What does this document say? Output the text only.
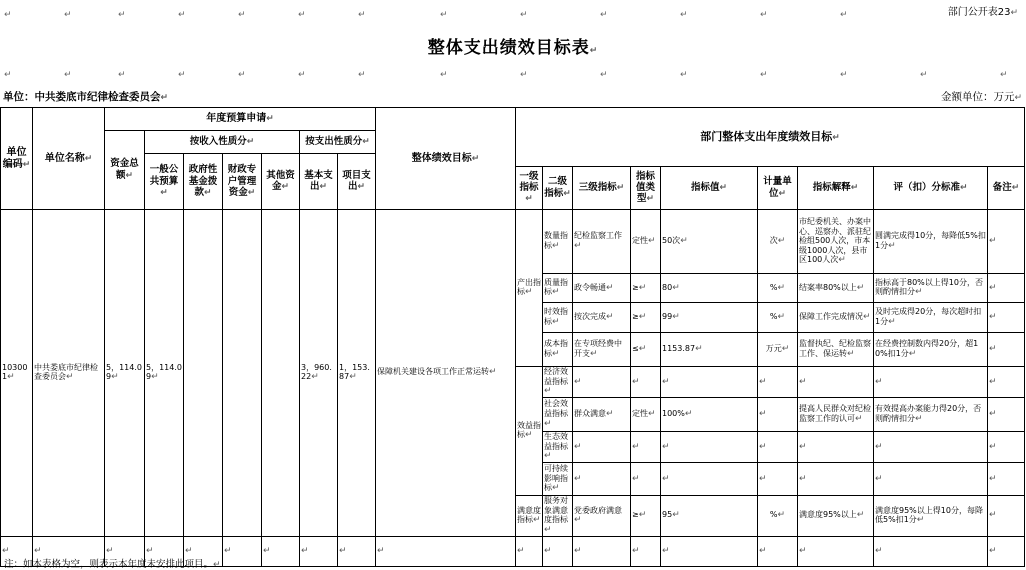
部门公开表23↵
整体支出绩效目标表↵
↵	↵	↵	↵	↵	↵	↵	↵	↵	↵	↵	↵	↵
↵	↵	↵	↵	↵	↵	↵	↵	↵	↵	↵	↵	↵	↵	↵
单位：中共娄底市纪律检查委员会↵	金额单位：万元↵
单位编码↵	单位名称↵	年度预算申请↵							整体绩效目标↵	部门整体支出年度绩效目标↵								
		资金总额↵	按收入性质分↵				按支出性质分↵											
			一般公共预算↵	政府性基金拨款↵	财政专户管理资金↵	其他资金↵	基本支出↵	项目支出↵										
										一级指标↵	二级指标↵	三级指标↵	指标值类型↵	指标值↵	计量单位↵	指标解释↵	评（扣）分标准↵	备注↵
103001↵	中共娄底市纪律检查委员会↵	5，114.09↵	5，114.09↵				3，960.22↵	1，153.87↵	保障机关建设各项工作正常运转↵	产出指标↵	数量指标↵	纪检监察工作↵	定性↵	50次↵	次↵	市纪委机关、办案中心、巡察办、派驻纪检组500人次，市本级1000人次，县市区100人次↵	圆满完成得10分，每降低5%扣1分↵	↵
											质量指标↵	政令畅通↵	≥↵	80↵	%↵	结案率80%以上↵	指标高于80%以上得10分，否则酌情扣分↵	↵
											时效指标↵	按次完成↵	≥↵	99↵	%↵	保障工作完成情况↵	及时完成得20分，每次超时扣1分↵	↵
											成本指标↵	在专项经费中开支↵	≤↵	1153.87↵	万元↵	监督执纪、纪检监察工作、保运转↵	在经费控制数内得20分，超10%扣1分↵	↵
										效益指标↵	经济效益指标↵	↵	↵	↵	↵	↵	↵	↵
											社会效益指标↵	群众满意↵	定性↵	100%↵	↵	提高人民群众对纪检监察工作的认可↵	有效提高办案能力得20分，否则酌情扣分↵	↵
											生态效益指标↵	↵	↵	↵	↵	↵	↵	↵
											可持续影响指标↵	↵	↵	↵	↵	↵	↵	↵
										满意度指标↵	服务对象满意度指标↵	党委政府满意↵	≥↵	95↵	%↵	满意度95%以上↵	满意度95%以上得10分，每降低5%扣1分↵	↵
↵	↵	↵	↵	↵	↵	↵	↵	↵	↵	↵	↵	↵	↵	↵	↵	↵	↵	↵
注：如本表格为空，则表示本年度未安排此项目。↵
